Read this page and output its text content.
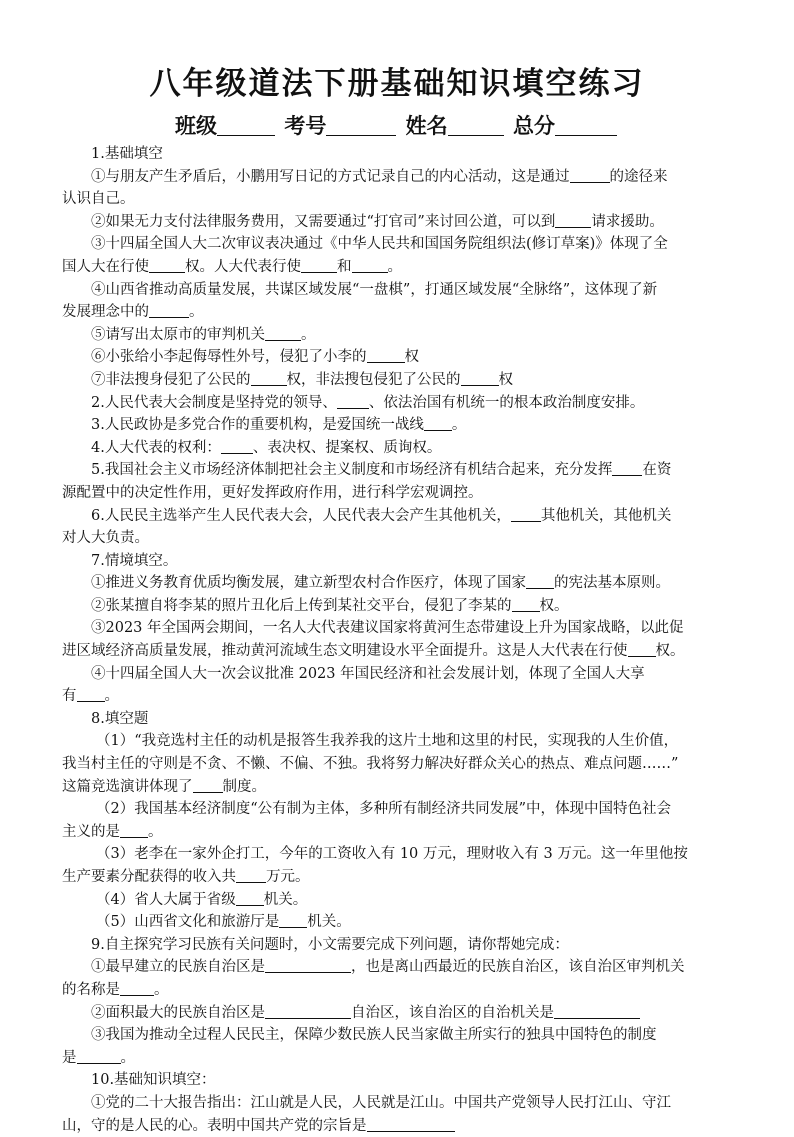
八年级道法下册基础知识填空练习
班级	考号	姓名	总分
1.基础填空
①与朋友产生矛盾后，小鹏用写日记的方式记录自己的内心活动，这是通过	的途径来
认识自己。
②如果无力支付法律服务费用，又需要通过“打官司”来讨回公道，可以到 请求援助。
③十四届全国人大二次审议表决通过《中华人民共和国国务院组织法(修订草案)》体现了全
国人大在行使 权。人大代表行使 和 。
④山西省推动高质量发展，共谋区域发展“一盘棋”，打通区域发展“全脉络”，这体现了新
发展理念中的	。
⑤请写出太原市的审判机关 。
⑥小张给小李起侮辱性外号，侵犯了小李的	权
⑦非法搜身侵犯了公民的 权，非法搜包侵犯了公民的	权
2.人民代表大会制度是坚持党的领导、 、依法治国有机统一的根本政治制度安排。
3.人民政协是多党合作的重要机构，是爱国统一战线 。
4.人大代表的权利： 、表决权、提案权、质询权。
5.我国社会主义市场经济体制把社会主义制度和市场经济有机结合起来，充分发挥 在资
源配置中的决定性作用，更好发挥政府作用，进行科学宏观调控。
6.人民民主选举产生人民代表大会，人民代表大会产生其他机关， 其他机关，其他机关
对人大负责。
7.情境填空。
①推进义务教育优质均衡发展，建立新型农村合作医疗，体现了国家 的宪法基本原则。
②张某擅自将李某的照片丑化后上传到某社交平台，侵犯了李某的 权。
③2023 年全国两会期间，一名人大代表建议国家将黄河生态带建设上升为国家战略，以此促
进区域经济高质量发展，推动黄河流域生态文明建设水平全面提升。这是人大代表在行使 权。
④十四届全国人大一次会议批准 2023 年国民经济和社会发展计划，体现了全国人大享
有 。
8.填空题
（1）“我竞选村主任的动机是报答生我养我的这片土地和这里的村民，实现我的人生价值，
我当村主任的守则是不贪、不懒、不偏、不独。我将努力解决好群众关心的热点、难点问题……”
这篇竞选演讲体现了 制度。
（2）我国基本经济制度“公有制为主体，多种所有制经济共同发展”中，体现中国特色社会
主义的是 。
（3）老李在一家外企打工，今年的工资收入有 10 万元，理财收入有 3 万元。这一年里他按
生产要素分配获得的收入共 万元。
（4）省人大属于省级 机关。
（5）山西省文化和旅游厅是 机关。
9.自主探究学习民族有关问题时，小文需要完成下列问题，请你帮她完成：
①最早建立的民族自治区是	，也是离山西最近的民族自治区，该自治区审判机关
的名称是 。
②面积最大的民族自治区是	自治区，该自治区的自治机关是
③我国为推动全过程人民民主，保障少数民族人民当家做主所实行的独具中国特色的制度
是	。
10.基础知识填空：
①党的二十大报告指出：江山就是人民，人民就是江山。中国共产党领导人民打江山、守江
山，守的是人民的心。表明中国共产党的宗旨是
